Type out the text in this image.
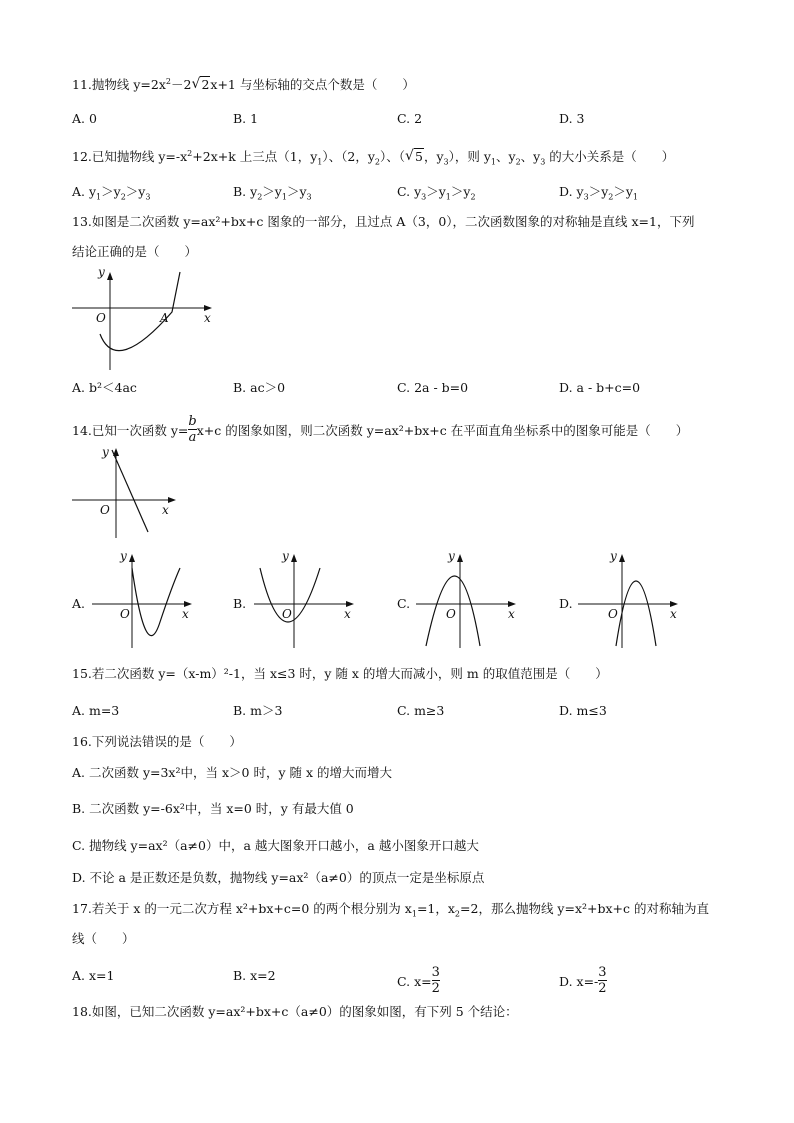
11.抛物线 $y=2x^2-2$ √ 2x+1 与坐标轴的交点个数是（　　）
A. 0	B. 1	C. 2	D. 3
12.已知抛物线 $y=-x^2+2x+k$ 上三点（1，$y_1$）、（2，$y_2$）、（ √ 5，$y_3$），则 $y_1$、$y_2$、$y_3$ 的大小关系是（　　）
A. $y_1>y_2>y_3$	B. $y_2>y_1>y_3$	C. $y_3>y_1>y_2$	D. $y_3>y_2>y_1$
13.如图是二次函数 y=ax²+bx+c 图象的一部分，且过点 A（3，0），二次函数图象的对称轴是直线 x=1，下列
结论正确的是（　　）
y
O	A	x
A. b²＜4ac	B. ac＞0	C. 2a - b=0	D. a - b+c=0
14.已知一次函数 $y= \frac{b}{a} x+c$ 的图象如图，则二次函数 y=ax²+bx+c 在平面直角坐标系中的图象可能是（　　）
y
O	x
A.
y
O	x
B.
y
O	x
C.
y
O	x
D.
y
O	x
15.若二次函数 y=（x-m）²-1，当 x≤3 时，y 随 x 的增大而减小，则 m 的取值范围是（　　）
A. m=3	B. m＞3	C. m≥3	D. m≤3
16.下列说法错误的是（　　）
A. 二次函数 y=3x²中，当 x＞0 时，y 随 x 的增大而增大
B. 二次函数 y=-6x²中，当 x=0 时，y 有最大值 0
C. 抛物线 y=ax²（a≠0）中，a 越大图象开口越小，a 越小图象开口越大
D. 不论 a 是正数还是负数，抛物线 y=ax²（a≠0）的顶点一定是坐标原点
17.若关于 x 的一元二次方程 x²+bx+c=0 的两个根分别为 $x_1=1$，$x_2=2$，那么抛物线 y=x²+bx+c 的对称轴为直
线（　　）
A. x=1	B. x=2	C. $x= \frac{3}{2}$	D. $x=- \frac{3}{2}$
18.如图，已知二次函数 y=ax²+bx+c（a≠0）的图象如图，有下列 5 个结论：
